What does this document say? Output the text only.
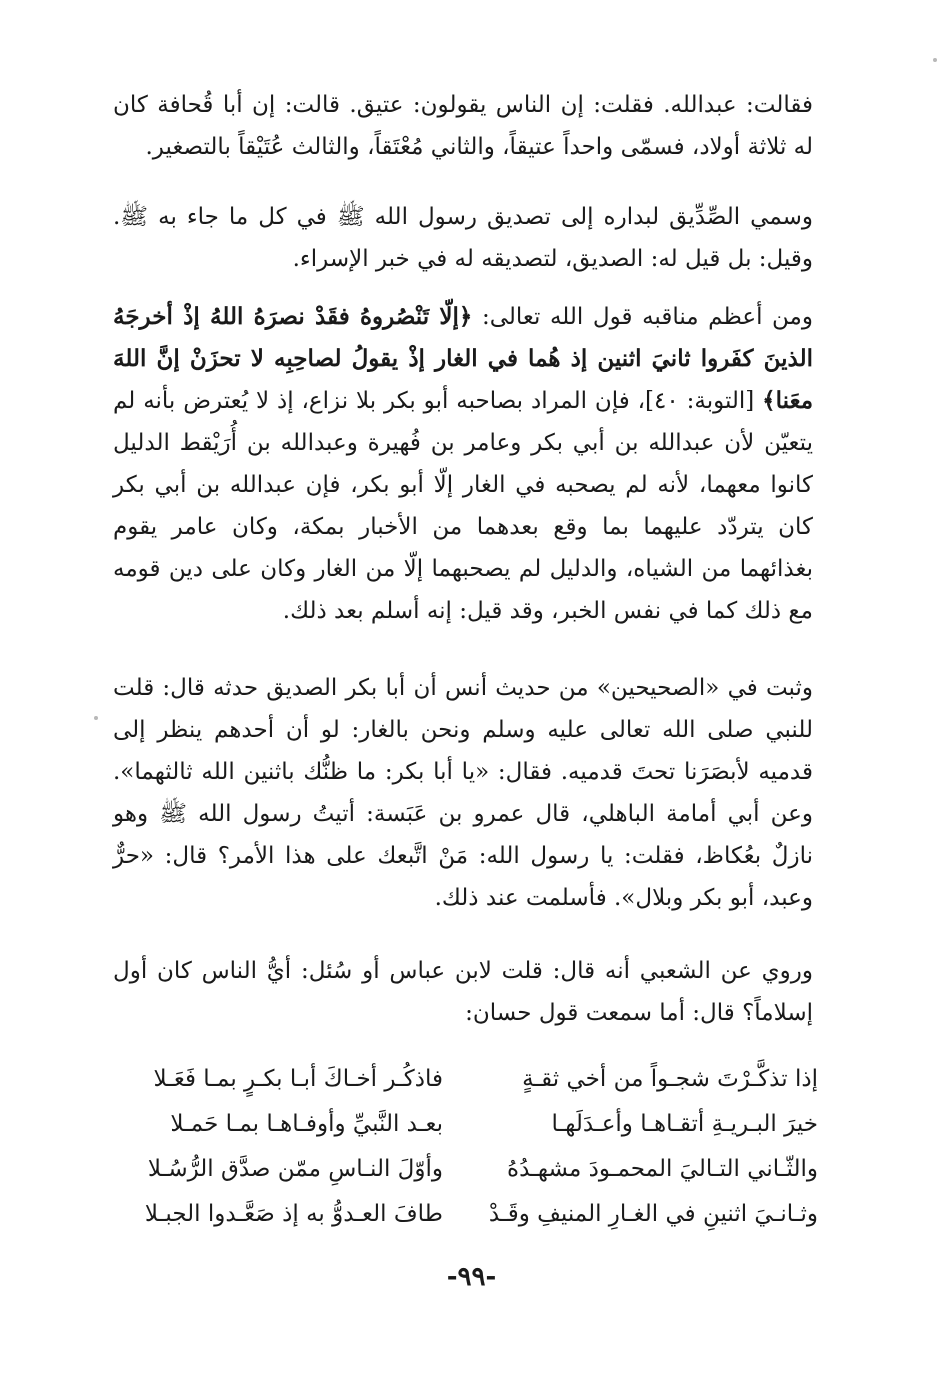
فقالت: عبدالله. فقلت: إن الناس يقولون: عتيق. قالت: إن أبا قُحافة كان له ثلاثة أولاد، فسمّى واحداً عتيقاً، والثاني مُعْتَقاً، والثالث عُتَيْقاً بالتصغير.

وسمي الصِّدِّيق لبداره إلى تصديق رسول الله ﷺ في كل ما جاء به ﷺ. وقيل: بل قيل له: الصديق، لتصديقه له في خبر الإسراء.

ومن أعظم مناقبه قول الله تعالى: ﴿إلّا تَنْصُروهُ فقَدْ نصرَهُ اللهُ إذْ أخرجَهُ الذينَ كفَروا ثانيَ اثنين إذ هُما في الغار إذْ يقولُ لصاحِبِه لا تحزَنْ إنَّ اللهَ معَنا﴾ [التوبة: ٤٠]، فإن المراد بصاحبه أبو بكر بلا نزاع، إذ لا يُعترض بأنه لم يتعيّن لأن عبدالله بن أبي بكر وعامر بن فُهيرة وعبدالله بن أُرَيْقط الدليل كانوا معهما، لأنه لم يصحبه في الغار إلّا أبو بكر، فإن عبدالله بن أبي بكر كان يتردّد عليهما بما وقع بعدهما من الأخبار بمكة، وكان عامر يقوم بغذائهما من الشياه، والدليل لم يصحبهما إلّا من الغار وكان على دين قومه مع ذلك كما في نفس الخبر، وقد قيل: إنه أسلم بعد ذلك.

وثبت في «الصحيحين» من حديث أنس أن أبا بكر الصديق حدثه قال: قلت للنبي صلى الله تعالى عليه وسلم ونحن بالغار: لو أن أحدهم ينظر إلى قدميه لأبصَرَنا تحتَ قدميه. فقال: «يا أبا بكر: ما ظنُّك باثنين الله ثالثهما». وعن أبي أمامة الباهلي، قال عمرو بن عَبَسة: أتيتُ رسول الله ﷺ وهو نازلٌ بعُكاظ، فقلت: يا رسول الله: مَنْ اتَّبعك على هذا الأمر؟ قال: «حرٌّ وعبد، أبو بكر وبلال». فأسلمت عند ذلك.

وروي عن الشعبي أنه قال: قلت لابن عباس أو سُئل: أيُّ الناس كان أول إسلاماً؟ قال: أما سمعت قول حسان:

إذا تذكَّـرْتَ شجـواً من أخي ثقـةٍ
فاذكُـر أخـاكَ أبـا بكـرٍ بمـا فَعَـلا
خيرَ البـريـةِ أتقـاهـا وأعـدَلَهـا
بعـد النَّبيِّ وأوفـاهـا بمـا حَمـلا
والثّـاني التـاليَ المحمـودَ مشهـدُهُ
وأوّلَ النـاسِ ممّن صدَّق الرُّسُـلا
وثـانـيَ اثنينِ في الغـارِ المنيفِ وقَـدْ
طافَ العـدوُّ به إذ صَعَّـدوا الجبـلا
-٩٩-
